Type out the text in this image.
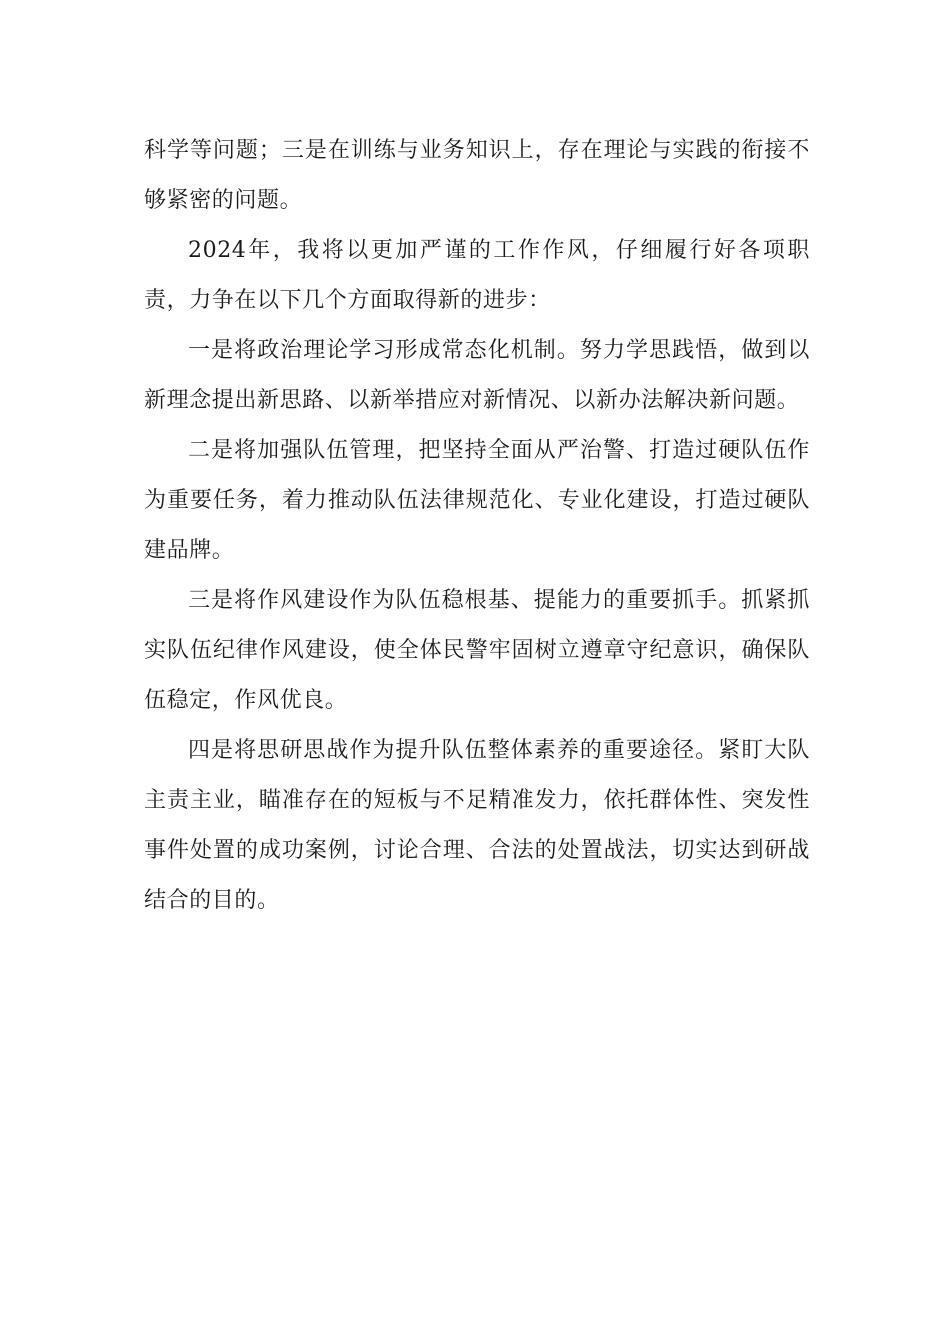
科学等问题；三是在训练与业务知识上，存在理论与实践的衔接不够紧密的问题。

2024年，我将以更加严谨的工作作风，仔细履行好各项职责，力争在以下几个方面取得新的进步：

一是将政治理论学习形成常态化机制。努力学思践悟，做到以新理念提出新思路、以新举措应对新情况、以新办法解决新问题。

二是将加强队伍管理，把坚持全面从严治警、打造过硬队伍作为重要任务，着力推动队伍法律规范化、专业化建设，打造过硬队建品牌。

三是将作风建设作为队伍稳根基、提能力的重要抓手。抓紧抓实队伍纪律作风建设，使全体民警牢固树立遵章守纪意识，确保队伍稳定，作风优良。

四是将思研思战作为提升队伍整体素养的重要途径。紧盯大队主责主业，瞄准存在的短板与不足精准发力，依托群体性、突发性事件处置的成功案例，讨论合理、合法的处置战法，切实达到研战结合的目的。
